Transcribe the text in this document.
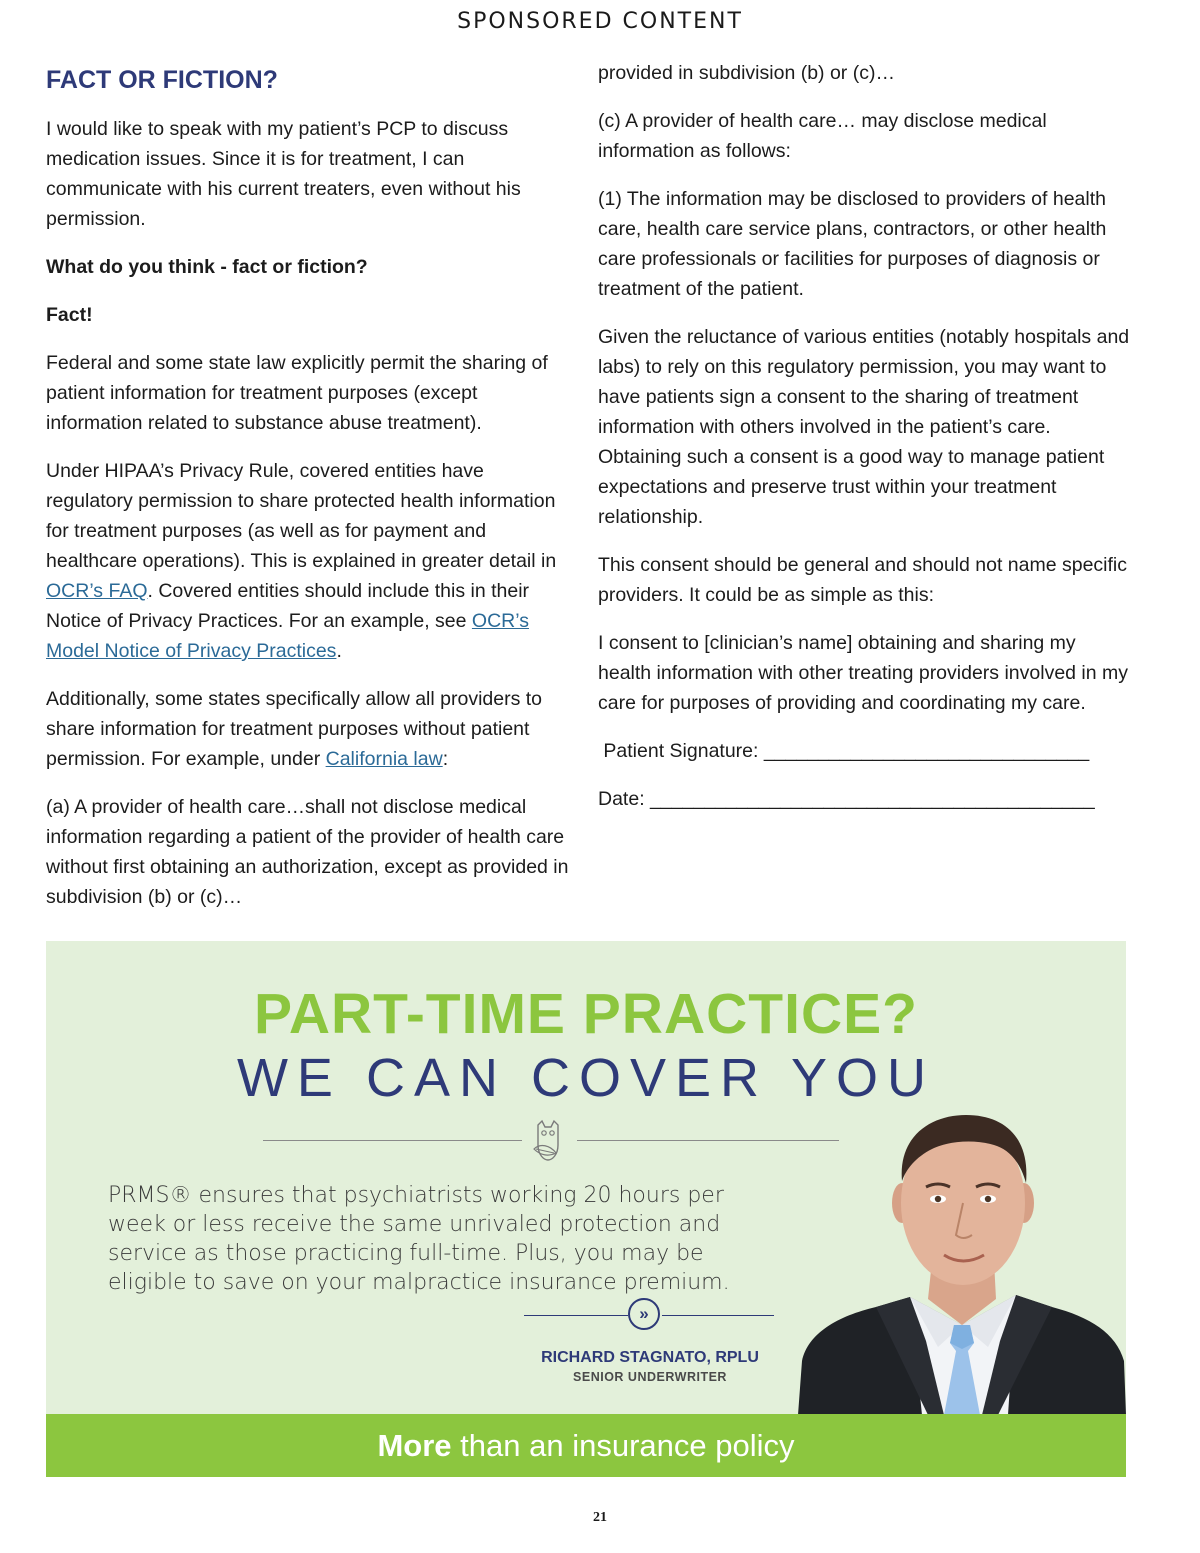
SPONSORED CONTENT
FACT OR FICTION?

I would like to speak with my patient’s PCP to discuss medication issues. Since it is for treatment, I can communicate with his current treaters, even without his permission.

What do you think - fact or fiction?

Fact!

Federal and some state law explicitly permit the sharing of patient information for treatment purposes (except information related to substance abuse treatment).

Under HIPAA’s Privacy Rule, covered entities have regulatory permission to share protected health information for treatment purposes (as well as for payment and healthcare operations). This is explained in greater detail in OCR’s FAQ. Covered entities should include this in their Notice of Privacy Practices. For an example, see OCR’s Model Notice of Privacy Practices.

Additionally, some states specifically allow all providers to share information for treatment purposes without patient permission. For example, under California law:

(a) A provider of health care…shall not disclose medical information regarding a patient of the provider of health care without first obtaining an authorization, except as provided in subdivision (b) or (c)…

provided in subdivision (b) or (c)…

(c) A provider of health care… may disclose medical information as follows:

(1) The information may be disclosed to providers of health care, health care service plans, contractors, or other health care professionals or facilities for purposes of diagnosis or treatment of the patient.

Given the reluctance of various entities (notably hospitals and labs) to rely on this regulatory permission, you may want to have patients sign a consent to the sharing of treatment information with others involved in the patient’s care. Obtaining such a consent is a good way to manage patient expectations and preserve trust within your treatment relationship.

This consent should be general and should not name specific providers. It could be as simple as this:

I consent to [clinician’s name] obtaining and sharing my health information with other treating providers involved in my care for purposes of providing and coordinating my care.

Patient Signature: ______________________________

Date: _________________________________________

PART-TIME PRACTICE?
WE CAN COVER YOU
PRMS® ensures that psychiatrists working 20 hours per week or less receive the same unrivaled protection and service as those practicing full-time. Plus, you may be eligible to save on your malpractice insurance premium.
»
RICHARD STAGNATO, RPLU
SENIOR UNDERWRITER
More than an insurance policy
21
